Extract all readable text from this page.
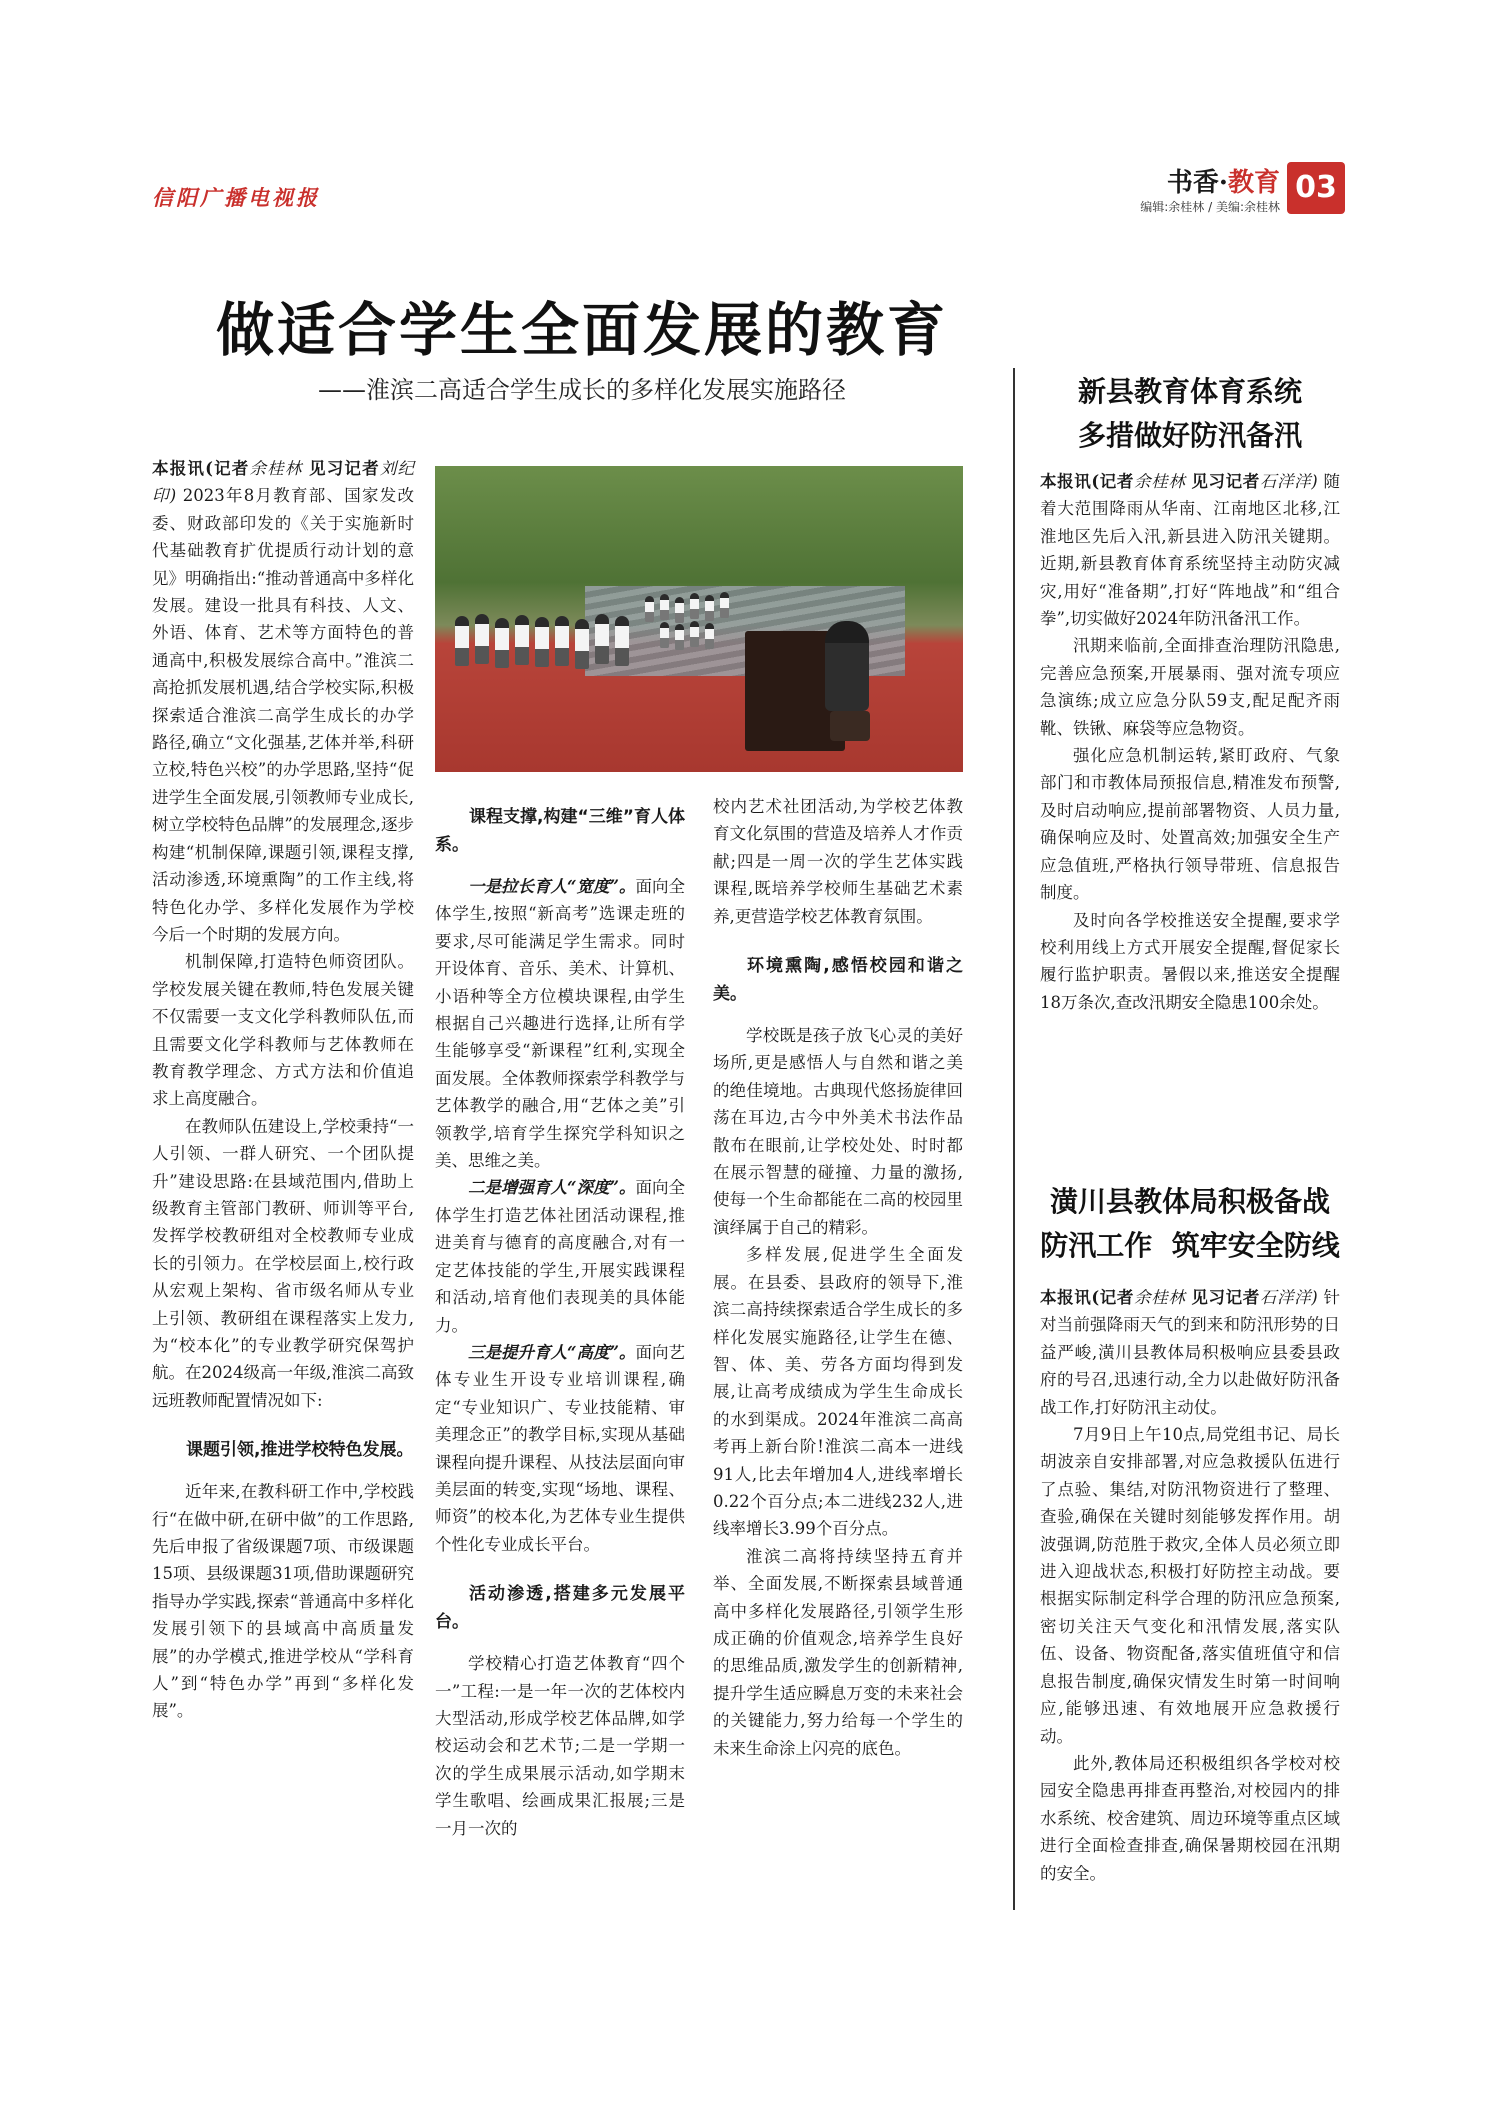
信阳广播电视报	书香·教育
编辑:余桂林 / 美编:余桂林
03
做适合学生全面发展的教育
——淮滨二高适合学生成长的多样化发展实施路径

本报讯(记者余桂林 见习记者刘纪印) 2023年8月教育部、国家发改委、财政部印发的《关于实施新时代基础教育扩优提质行动计划的意见》明确指出:“推动普通高中多样化发展。建设一批具有科技、人文、外语、体育、艺术等方面特色的普通高中,积极发展综合高中。”淮滨二高抢抓发展机遇,结合学校实际,积极探索适合淮滨二高学生成长的办学路径,确立“文化强基,艺体并举,科研立校,特色兴校”的办学思路,坚持“促进学生全面发展,引领教师专业成长,树立学校特色品牌”的发展理念,逐步构建“机制保障,课题引领,课程支撑,活动渗透,环境熏陶”的工作主线,将特色化办学、多样化发展作为学校今后一个时期的发展方向。

机制保障,打造特色师资团队。学校发展关键在教师,特色发展关键不仅需要一支文化学科教师队伍,而且需要文化学科教师与艺体教师在教育教学理念、方式方法和价值追求上高度融合。

在教师队伍建设上,学校秉持“一人引领、一群人研究、一个团队提升”建设思路:在县域范围内,借助上级教育主管部门教研、师训等平台,发挥学校教研组对全校教师专业成长的引领力。在学校层面上,校行政从宏观上架构、省市级名师从专业上引领、教研组在课程落实上发力,为“校本化”的专业教学研究保驾护航。在2024级高一年级,淮滨二高致远班教师配置情况如下:

课题引领,推进学校特色发展。

近年来,在教科研工作中,学校践行“在做中研,在研中做”的工作思路,先后申报了省级课题7项、市级课题15项、县级课题31项,借助课题研究指导办学实践,探索“普通高中多样化发展引领下的县域高中高质量发展”的办学模式,推进学校从“学科育人”到“特色办学”再到“多样化发展”。

课程支撑,构建“三维”育人体系。

一是拉长育人“宽度”。面向全体学生,按照“新高考”选课走班的要求,尽可能满足学生需求。同时开设体育、音乐、美术、计算机、小语种等全方位模块课程,由学生根据自己兴趣进行选择,让所有学生能够享受“新课程”红利,实现全面发展。全体教师探索学科教学与艺体教学的融合,用“艺体之美”引领教学,培育学生探究学科知识之美、思维之美。

二是增强育人“深度”。面向全体学生打造艺体社团活动课程,推进美育与德育的高度融合,对有一定艺体技能的学生,开展实践课程和活动,培育他们表现美的具体能力。

三是提升育人“高度”。面向艺体专业生开设专业培训课程,确定“专业知识广、专业技能精、审美理念正”的教学目标,实现从基础课程向提升课程、从技法层面向审美层面的转变,实现“场地、课程、师资”的校本化,为艺体专业生提供个性化专业成长平台。

活动渗透,搭建多元发展平台。

学校精心打造艺体教育“四个一”工程:一是一年一次的艺体校内大型活动,形成学校艺体品牌,如学校运动会和艺术节;二是一学期一次的学生成果展示活动,如学期末学生歌唱、绘画成果汇报展;三是一月一次的

校内艺术社团活动,为学校艺体教育文化氛围的营造及培养人才作贡献;四是一周一次的学生艺体实践课程,既培养学校师生基础艺术素养,更营造学校艺体教育氛围。

环境熏陶,感悟校园和谐之美。

学校既是孩子放飞心灵的美好场所,更是感悟人与自然和谐之美的绝佳境地。古典现代悠扬旋律回荡在耳边,古今中外美术书法作品散布在眼前,让学校处处、时时都在展示智慧的碰撞、力量的激扬,使每一个生命都能在二高的校园里演绎属于自己的精彩。

多样发展,促进学生全面发展。在县委、县政府的领导下,淮滨二高持续探索适合学生成长的多样化发展实施路径,让学生在德、智、体、美、劳各方面均得到发展,让高考成绩成为学生生命成长的水到渠成。2024年淮滨二高高考再上新台阶!淮滨二高本一进线91人,比去年增加4人,进线率增长0.22个百分点;本二进线232人,进线率增长3.99个百分点。

淮滨二高将持续坚持五育并举、全面发展,不断探索县域普通高中多样化发展路径,引领学生形成正确的价值观念,培养学生良好的思维品质,激发学生的创新精神,提升学生适应瞬息万变的未来社会的关键能力,努力给每一个学生的未来生命涂上闪亮的底色。

新县教育体育系统
多措做好防汛备汛

本报讯(记者余桂林 见习记者石洋洋) 随着大范围降雨从华南、江南地区北移,江淮地区先后入汛,新县进入防汛关键期。近期,新县教育体育系统坚持主动防灾减灾,用好“准备期”,打好“阵地战”和“组合拳”,切实做好2024年防汛备汛工作。

汛期来临前,全面排查治理防汛隐患,完善应急预案,开展暴雨、强对流专项应急演练;成立应急分队59支,配足配齐雨靴、铁锹、麻袋等应急物资。

强化应急机制运转,紧盯政府、气象部门和市教体局预报信息,精准发布预警,及时启动响应,提前部署物资、人员力量,确保响应及时、处置高效;加强安全生产应急值班,严格执行领导带班、信息报告制度。

及时向各学校推送安全提醒,要求学校利用线上方式开展安全提醒,督促家长履行监护职责。暑假以来,推送安全提醒18万条次,查改汛期安全隐患100余处。

潢川县教体局积极备战
防汛工作  筑牢安全防线

本报讯(记者余桂林 见习记者石洋洋) 针对当前强降雨天气的到来和防汛形势的日益严峻,潢川县教体局积极响应县委县政府的号召,迅速行动,全力以赴做好防汛备战工作,打好防汛主动仗。

7月9日上午10点,局党组书记、局长胡波亲自安排部署,对应急救援队伍进行了点验、集结,对防汛物资进行了整理、查验,确保在关键时刻能够发挥作用。胡波强调,防范胜于救灾,全体人员必须立即进入迎战状态,积极打好防控主动战。要根据实际制定科学合理的防汛应急预案,密切关注天气变化和汛情发展,落实队伍、设备、物资配备,落实值班值守和信息报告制度,确保灾情发生时第一时间响应,能够迅速、有效地展开应急救援行动。

此外,教体局还积极组织各学校对校园安全隐患再排查再整治,对校园内的排水系统、校舍建筑、周边环境等重点区域进行全面检查排查,确保暑期校园在汛期的安全。
